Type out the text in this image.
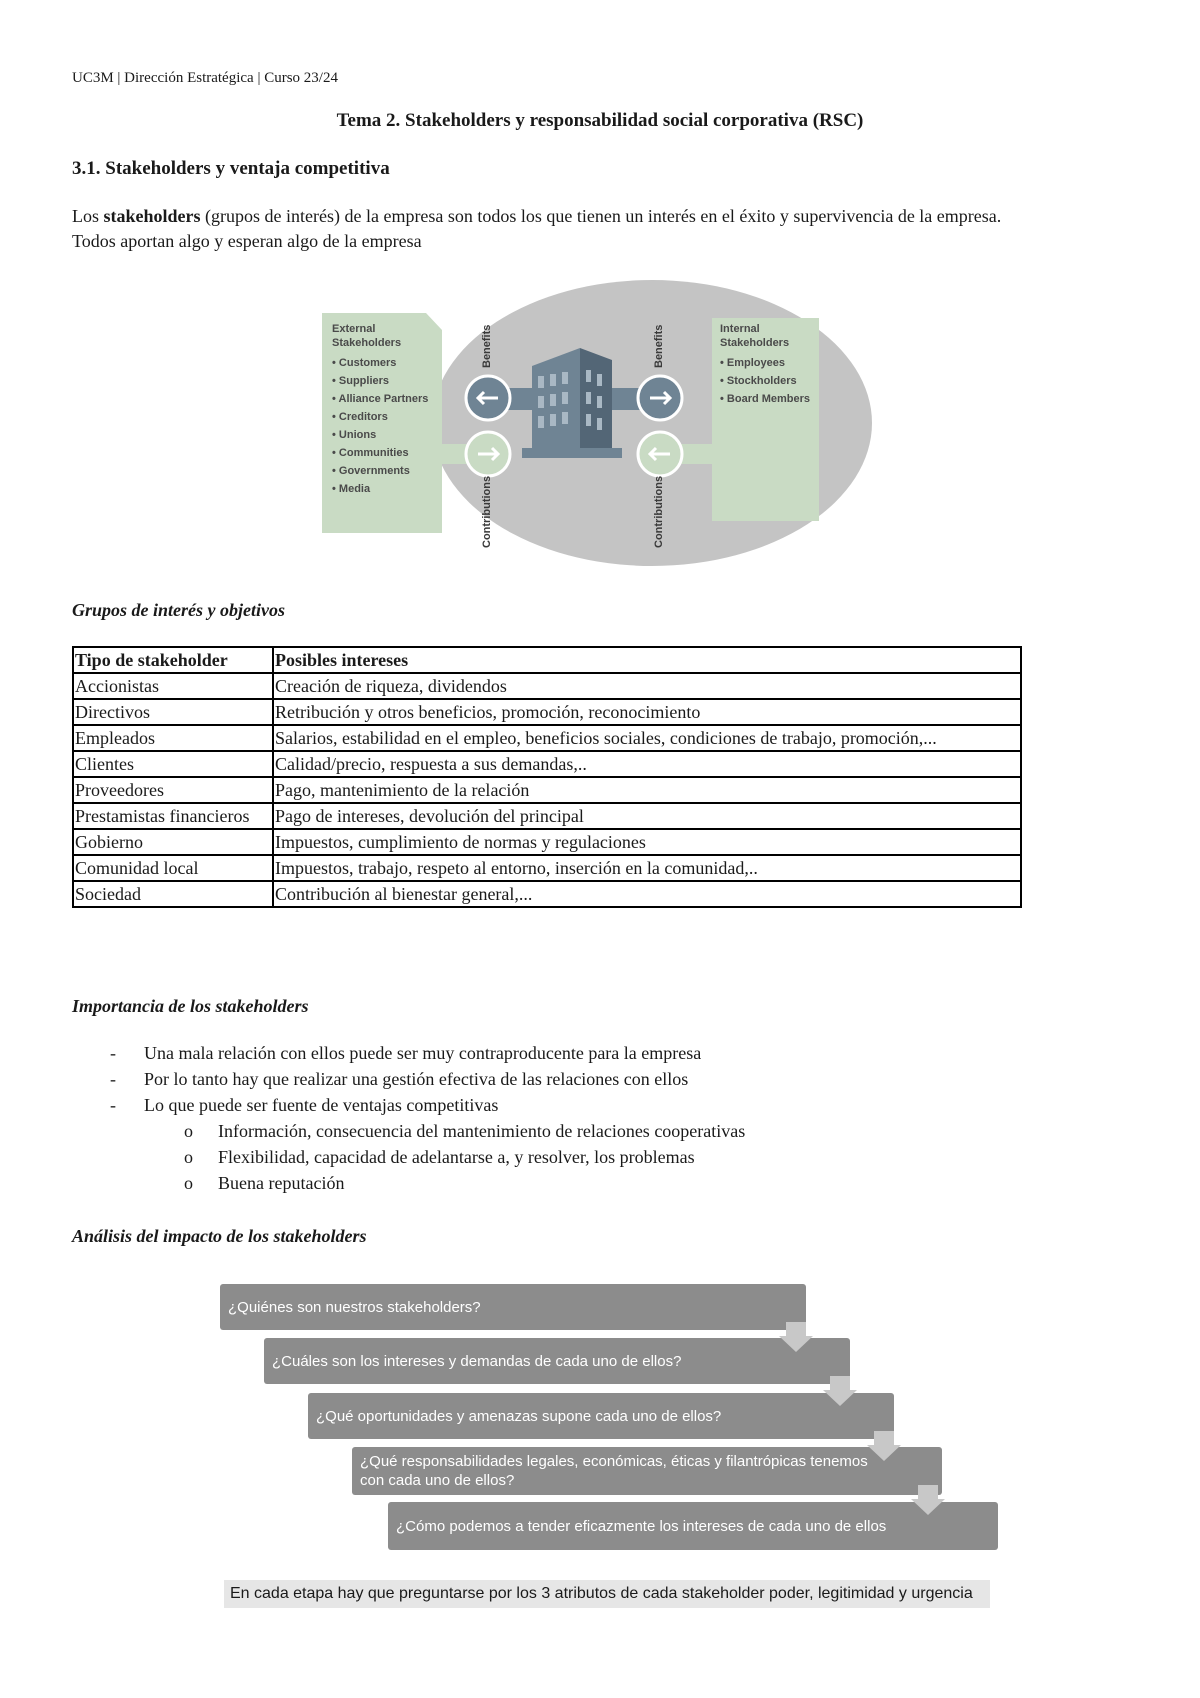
UC3M | Dirección Estratégica | Curso 23/24
Tema 2. Stakeholders y responsabilidad social corporativa (RSC)
3.1. Stakeholders y ventaja competitiva
Los stakeholders (grupos de interés) de la empresa son todos los que tienen un interés en el éxito y supervivencia de la empresa.
Todos aportan algo y esperan algo de la empresa
Benefits	Benefits
Contributions	Contributions
External
Stakeholders
• Customers
• Suppliers
• Alliance Partners
• Creditors
• Unions
• Communities
• Governments
• Media
Internal
Stakeholders
• Employees
• Stockholders
• Board Members
Grupos de interés y objetivos
Tipo de stakeholder	Posibles intereses
Accionistas	Creación de riqueza, dividendos
Directivos	Retribución y otros beneficios, promoción, reconocimiento
Empleados	Salarios, estabilidad en el empleo, beneficios sociales, condiciones de trabajo, promoción,...
Clientes	Calidad/precio, respuesta a sus demandas,..
Proveedores	Pago, mantenimiento de la relación
Prestamistas financieros	Pago de intereses, devolución del principal
Gobierno	Impuestos, cumplimiento de normas y regulaciones
Comunidad local	Impuestos, trabajo, respeto al entorno, inserción en la comunidad,..
Sociedad	Contribución al bienestar general,...
Importancia de los stakeholders
- Una mala relación con ellos puede ser muy contraproducente para la empresa
- Por lo tanto hay que realizar una gestión efectiva de las relaciones con ellos
- Lo que puede ser fuente de ventajas competitivas
o Información, consecuencia del mantenimiento de relaciones cooperativas
o Flexibilidad, capacidad de adelantarse a, y resolver, los problemas
o Buena reputación
Análisis del impacto de los stakeholders
¿Quiénes son nuestros stakeholders?
¿Cuáles son los intereses y demandas de cada uno de ellos?
¿Qué oportunidades y amenazas supone cada uno de ellos?
¿Qué responsabilidades legales, económicas, éticas y filantrópicas tenemos con cada uno de ellos?
¿Cómo podemos a tender eficazmente los intereses de cada uno de ellos
En cada etapa hay que preguntarse por los 3 atributos de cada stakeholder poder, legitimidad y urgencia
